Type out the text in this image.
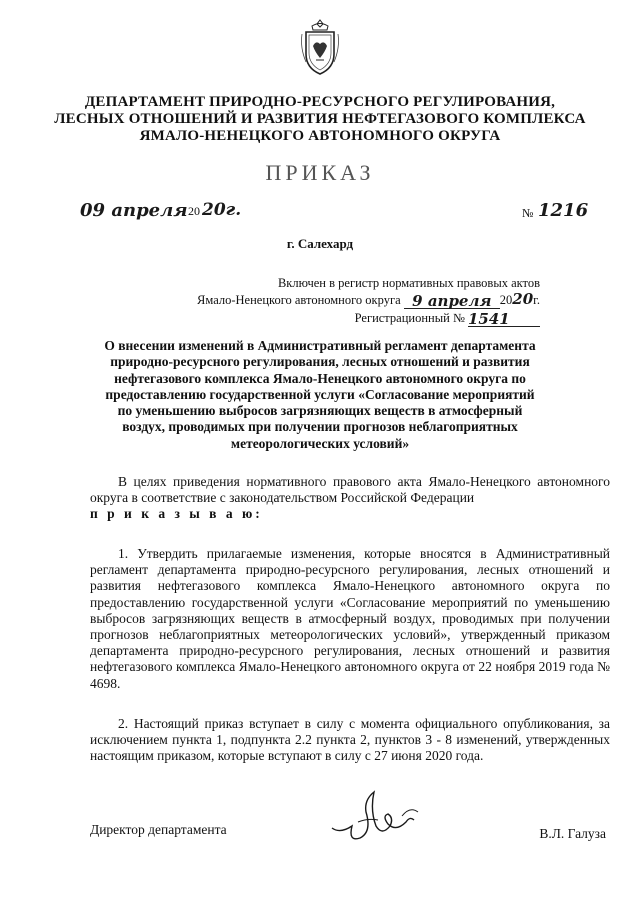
ДЕПАРТАМЕНТ ПРИРОДНО-РЕСУРСНОГО РЕГУЛИРОВАНИЯ,
ЛЕСНЫХ ОТНОШЕНИЙ И РАЗВИТИЯ НЕФТЕГАЗОВОГО КОМПЛЕКСА
ЯМАЛО-НЕНЕЦКОГО АВТОНОМНОГО ОКРУГА
ПРИКАЗ
09 апреля 20 20г.	№ 1216
г. Салехард
Включен в регистр нормативных правовых актов
Ямало-Ненецкого автономного округа 9 апреля 2020г.
Регистрационный № 1541
О внесении изменений в Административный регламент департамента природно-ресурсного регулирования, лесных отношений и развития нефтегазового комплекса Ямало-Ненецкого автономного округа по предоставлению государственной услуги «Согласование мероприятий по уменьшению выбросов загрязняющих веществ в атмосферный воздух, проводимых при получении прогнозов неблагоприятных метеорологических условий»
В целях приведения нормативного правового акта Ямало-Ненецкого автономного округа в соответствие с законодательством Российской Федерации
п р и к а з ы в а ю:
1. Утвердить прилагаемые изменения, которые вносятся в Административный регламент департамента природно-ресурсного регулирования, лесных отношений и развития нефтегазового комплекса Ямало-Ненецкого автономного округа по предоставлению государственной услуги «Согласование мероприятий по уменьшению выбросов загрязняющих веществ в атмосферный воздух, проводимых при получении прогнозов неблагоприятных метеорологических условий», утвержденный приказом департамента природно-ресурсного регулирования, лесных отношений и развития нефтегазового комплекса Ямало-Ненецкого автономного округа от 22 ноября 2019 года № 4698.
2. Настоящий приказ вступает в силу с момента официального опубликования, за исключением пункта 1, подпункта 2.2 пункта 2, пунктов 3 - 8 изменений, утвержденных настоящим приказом, которые вступают в силу с 27 июня 2020 года.
Директор департамента	В.Л. Галуза
